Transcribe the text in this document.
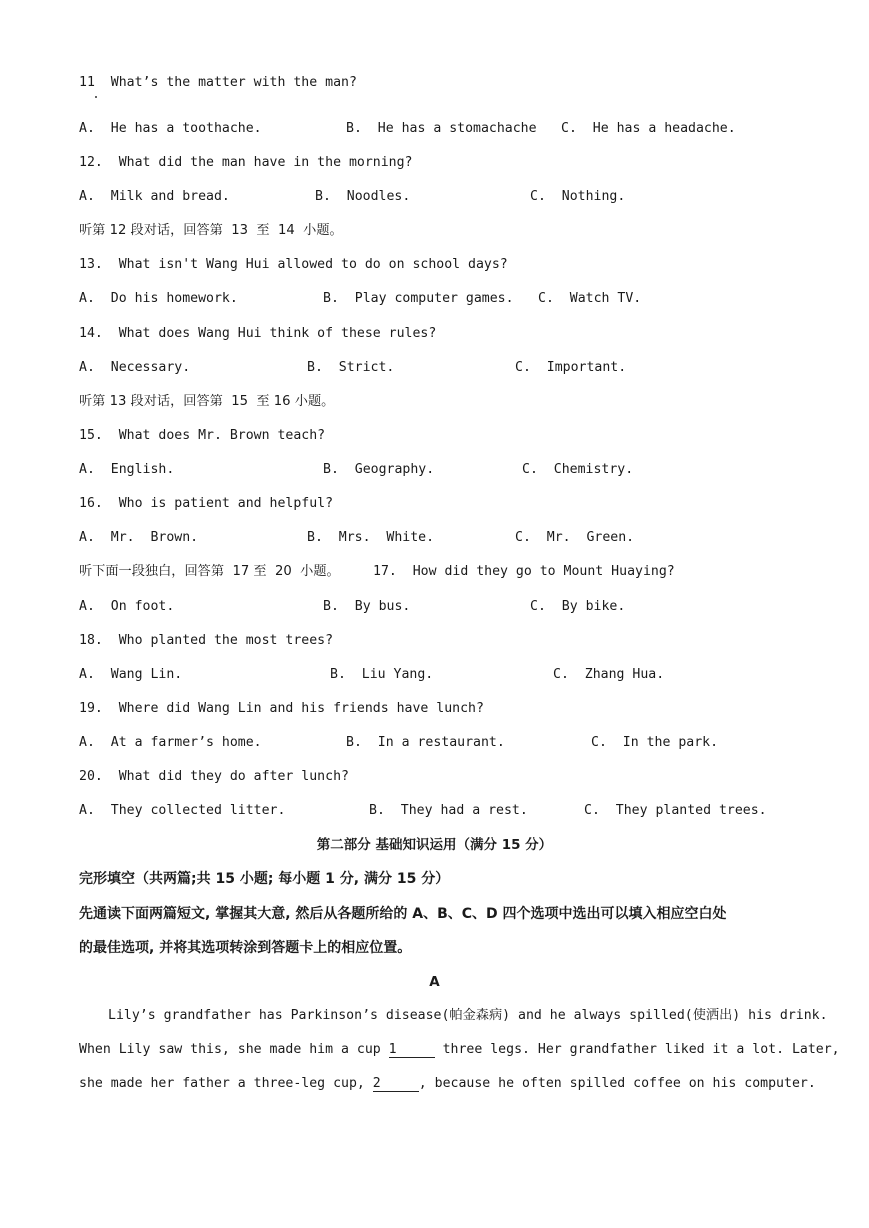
11  What’s the matter with the man?
A.  He has a toothache.	B.  He has a stomachache C.  He has a headache.
12.  What did the man have in the morning?
A.  Milk and bread.	B.  Noodles.	C.  Nothing.
听第 12 段对话，回答第  13  至  14  小题。
13.  What isn't Wang Hui allowed to do on school days?
A.  Do his homework.	B.  Play computer games. C.  Watch TV.
14.  What does Wang Hui think of these rules?
A.  Necessary.	B.  Strict.	C.  Important.
听第 13 段对话，回答第  15  至 16 小题。
15.  What does Mr. Brown teach?
A.  English.	B.  Geography.	C.  Chemistry.
16.  Who is patient and helpful?
A.  Mr.  Brown.	B.  Mrs.  White.	C.  Mr.  Green.
听下面一段独白，回答第  17 至  20  小题。	17.  How did they go to Mount Huaying?
A.  On foot.	B.  By bus.	C.  By bike.
18.  Who planted the most trees?
A.  Wang Lin.	B.  Liu Yang.	C.  Zhang Hua.
19.  Where did Wang Lin and his friends have lunch?
A.  At a farmer’s home.	B.  In a restaurant.	C.  In the park.
20.  What did they do after lunch?
A.  They collected litter.	B.  They had a rest.	C.  They planted trees.
第二部分 基础知识运用（满分 15 分）
完形填空（共两篇;共 15 小题; 每小题 1 分, 满分 15 分）
先通读下面两篇短文, 掌握其大意, 然后从各题所给的 A、B、C、D 四个选项中选出可以填入相应空白处
的最佳选项, 并将其选项转涂到答题卡上的相应位置。
A
Lily’s grandfather has Parkinson’s disease(帕金森病) and he always spilled(使洒出) his drink.
When Lily saw this, she made him a cup 1	three legs. Her grandfather liked it a lot. Later,
she made her father a three-leg cup, 2	, because he often spilled coffee on his computer.
